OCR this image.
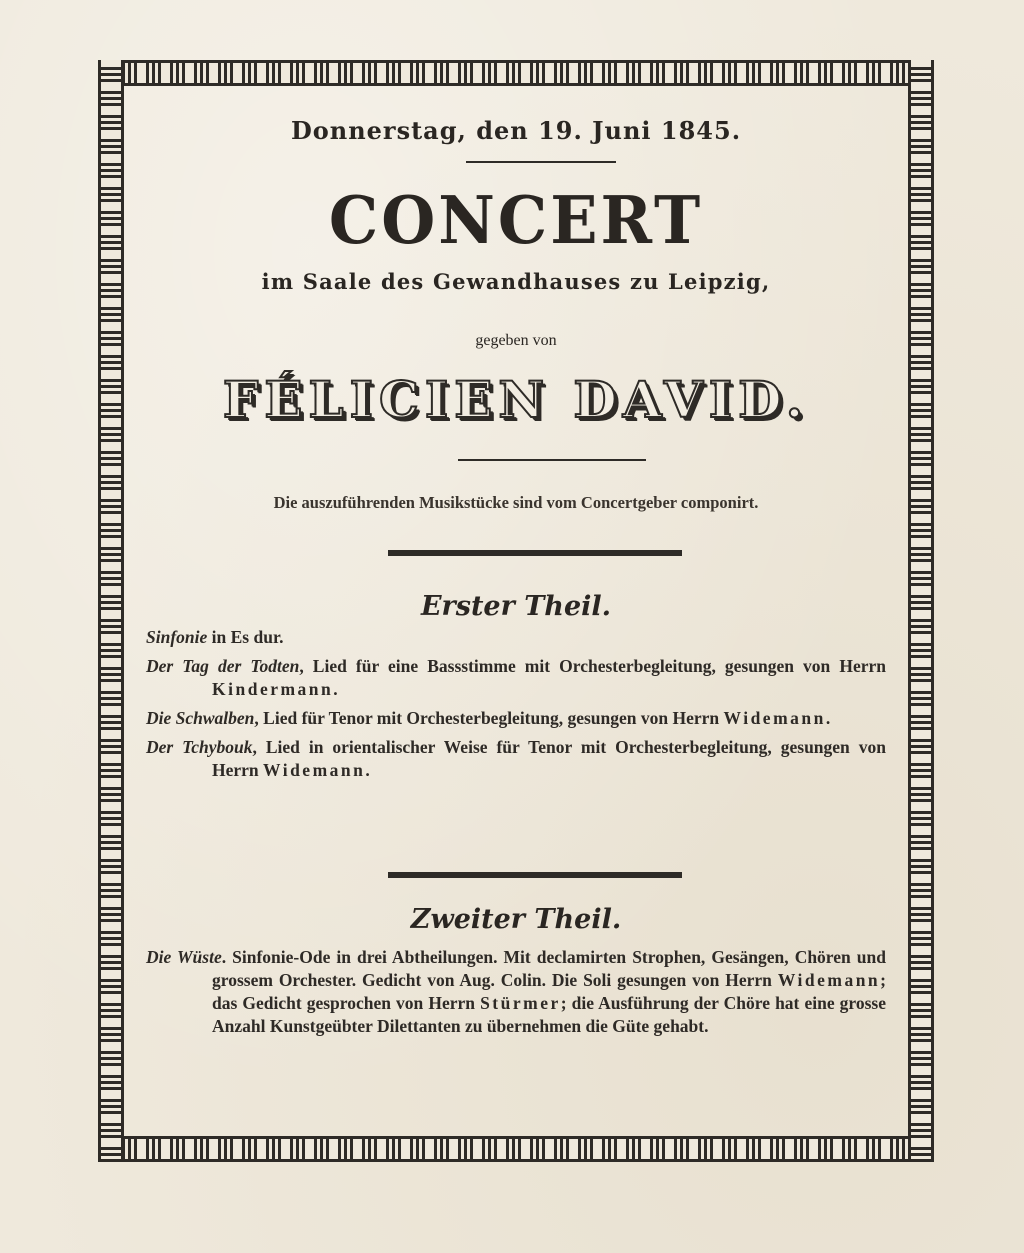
Donnerstag, den 19. Juni 1845.
CONCERT
im Saale des Gewandhauses zu Leipzig,
gegeben von
FÉLICIEN DAVID.
Die auszuführenden Musikstücke sind vom Concertgeber componirt.
Erster Theil.
Sinfonie in Es dur.
Der Tag der Todten, Lied für eine Bassstimme mit Orchesterbegleitung, gesungen von Herrn Kindermann.
Die Schwalben, Lied für Tenor mit Orchesterbegleitung, gesungen von Herrn Widemann.
Der Tchybouk, Lied in orientalischer Weise für Tenor mit Orchesterbegleitung, gesungen von Herrn Widemann.
Zweiter Theil.
Die Wüste. Sinfonie-Ode in drei Abtheilungen. Mit declamirten Strophen, Gesängen, Chören und grossem Orchester. Gedicht von Aug. Colin. Die Soli gesungen von Herrn Widemann; das Gedicht gesprochen von Herrn Stürmer; die Ausführung der Chöre hat eine grosse Anzahl Kunstgeübter Dilettanten zu übernehmen die Güte gehabt.
